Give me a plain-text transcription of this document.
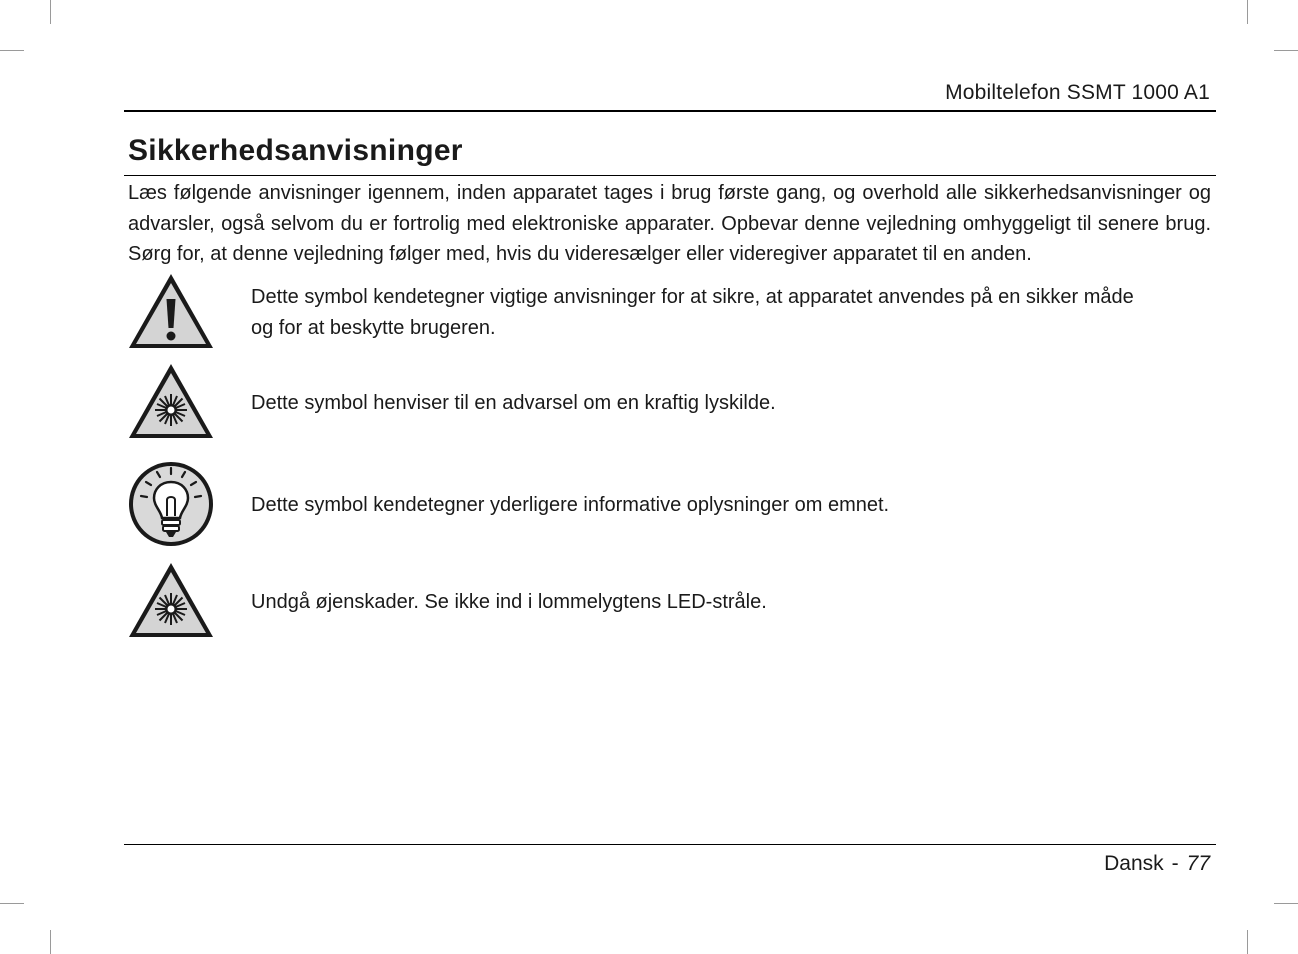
Mobiltelefon SSMT 1000 A1
Sikkerhedsanvisninger
Læs følgende anvisninger igennem, inden apparatet tages i brug første gang, og overhold alle sikkerhedsanvisninger og advarsler, også selvom du er fortrolig med elektroniske apparater. Opbevar denne vejledning omhyggeligt til senere brug. Sørg for, at denne vejledning følger med, hvis du videresælger eller videregiver apparatet til en anden.
Dette symbol kendetegner vigtige anvisninger for at sikre, at apparatet anvendes på en sikker måde
og for at beskytte brugeren.
Dette symbol henviser til en advarsel om en kraftig lyskilde.
Dette symbol kendetegner yderligere informative oplysninger om emnet.
Undgå øjenskader. Se ikke ind i lommelygtens LED-stråle.
Dansk - 77
